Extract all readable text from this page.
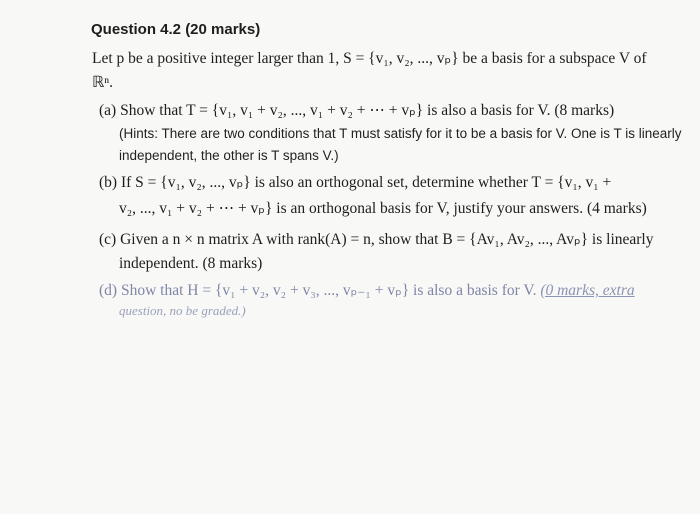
Question 4.2 (20 marks)
Let p be a positive integer larger than 1, S = {v₁, v₂, ..., vₚ} be a basis for a subspace V of
ℝⁿ.
(a) Show that T = {v₁, v₁ + v₂, ..., v₁ + v₂ + ⋯ + vₚ} is also a basis for V. (8 marks)
(Hints: There are two conditions that T must satisfy for it to be a basis for V. One is T is linearly
independent, the other is T spans V.)
(b) If S = {v₁, v₂, ..., vₚ} is also an orthogonal set, determine whether T = {v₁, v₁ +
v₂, ..., v₁ + v₂ + ⋯ + vₚ} is an orthogonal basis for V, justify your answers. (4 marks)
(c) Given a n × n matrix A with rank(A) = n, show that B = {Av₁, Av₂, ..., Avₚ} is linearly
independent. (8 marks)
(d) Show that H = {v₁ + v₂, v₂ + v₃, ..., vₚ₋₁ + vₚ} is also a basis for V. (0 marks, extra
question, no be graded.)
